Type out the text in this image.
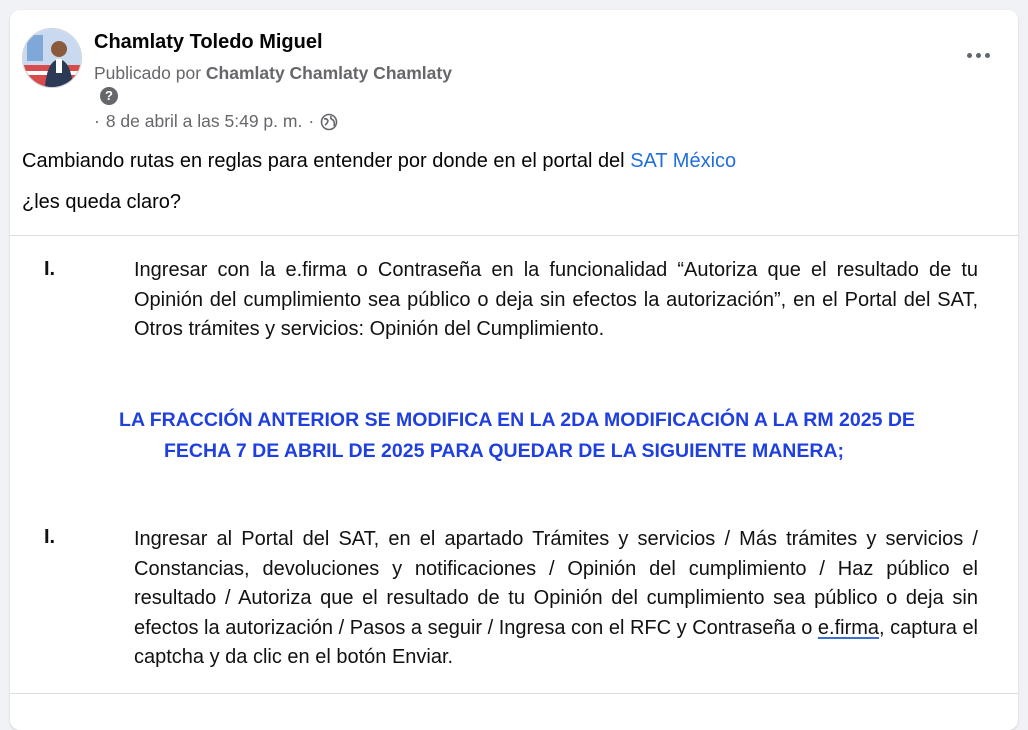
Chamlaty Toledo Miguel
Publicado por Chamlaty Chamlaty Chamlaty
?
· 8 de abril a las 5:49 p. m. ·

Cambiando rutas en reglas para entender por donde en el portal del SAT México

¿les queda claro?

I.	Ingresar con la e.firma o Contraseña en la funcionalidad “Autoriza que el resultado de tu Opinión del cumplimiento sea público o deja sin efectos la autorización”, en el Portal del SAT, Otros trámites y servicios: Opinión del Cumplimiento.
LA FRACCIÓN ANTERIOR SE MODIFICA EN LA 2DA MODIFICACIÓN A LA RM 2025 DE
FECHA 7 DE ABRIL DE 2025 PARA QUEDAR DE LA SIGUIENTE MANERA;
I.	Ingresar al Portal del SAT, en el apartado Trámites y servicios / Más trámites y servicios / Constancias, devoluciones y notificaciones / Opinión del cumplimiento / Haz público el resultado / Autoriza que el resultado de tu Opinión del cumplimiento sea público o deja sin efectos la autorización / Pasos a seguir / Ingresa con el RFC y Contraseña o e.firma, captura el captcha y da clic en el botón Enviar.
